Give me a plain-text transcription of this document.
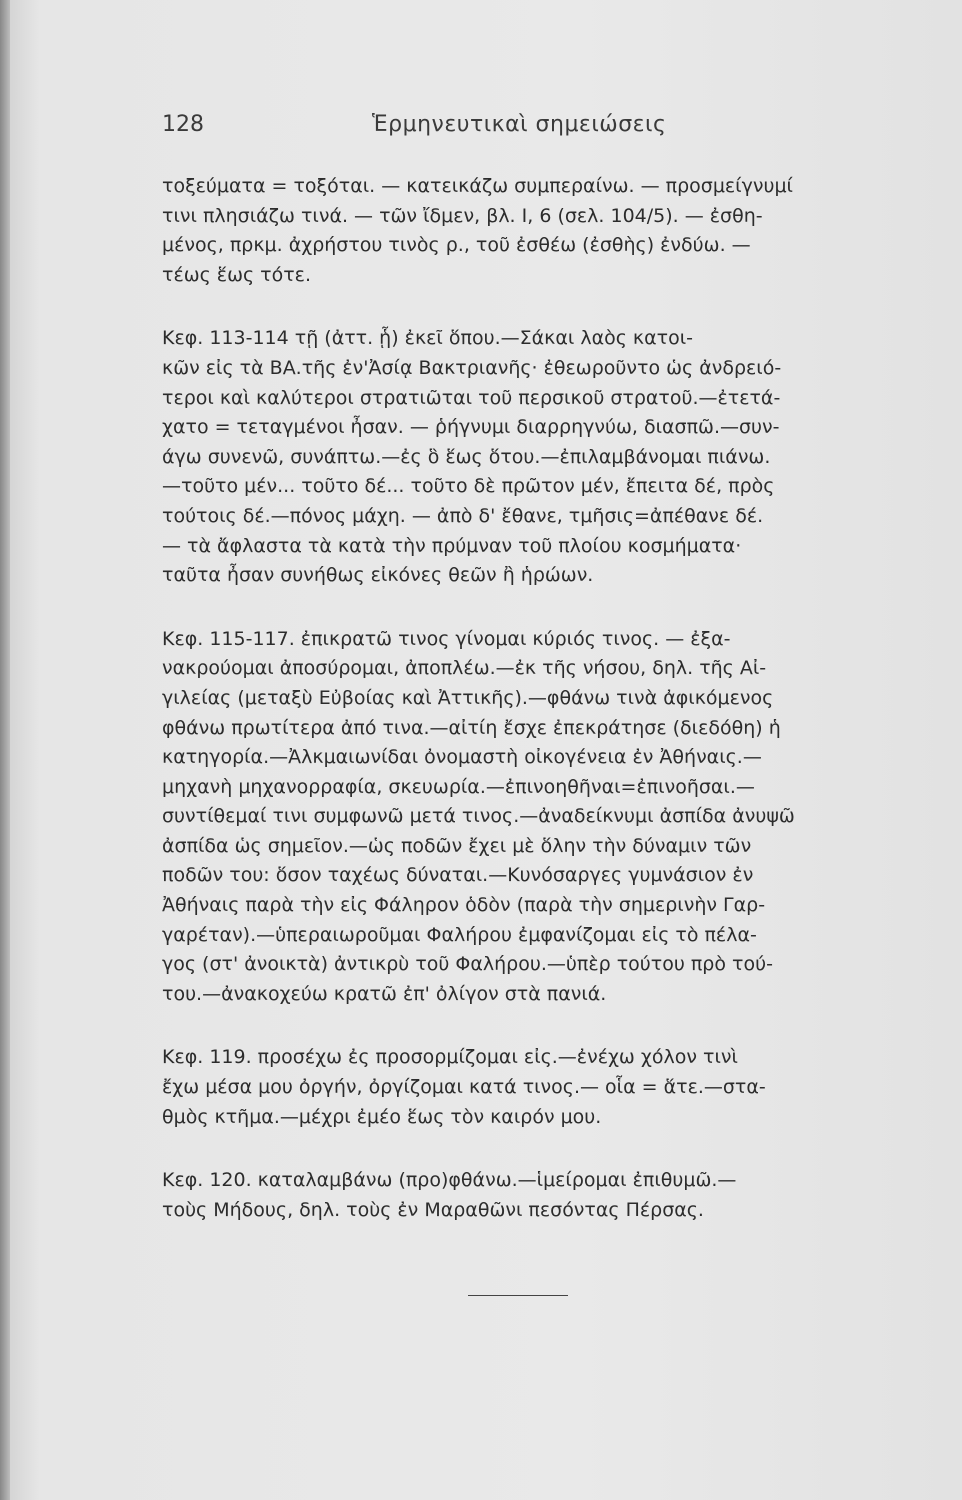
128	Ἑρμηνευτικαὶ σημειώσεις
τοξεύματα = τοξόται. — κατεικάζω συμπεραίνω. — προσμείγνυμί
τινι πλησιάζω τινά. — τῶν ἴδμεν, βλ. I, 6 (σελ. 104/5). — ἐσθη-
μένος, πρκμ. ἀχρήστου τινὸς ρ., τοῦ ἐσθέω (ἐσθὴς) ἐνδύω. —
τέως ἕως τότε.
Κεφ. 113-114 τῇ (ἀττ. ᾗ) ἐκεῖ ὅπου.—Σάκαι λαὸς κατοι-
κῶν εἰς τὰ ΒΑ.τῆς ἐν'Ἀσίᾳ Βακτριανῆς· ἐθεωροῦντο ὡς ἀνδρειό-
τεροι καὶ καλύτεροι στρατιῶται τοῦ περσικοῦ στρατοῦ.—ἐτετά-
χατο = τεταγμένοι ἦσαν. — ῥήγνυμι διαρρηγνύω, διασπῶ.—συν-
άγω συνενῶ, συνάπτω.—ἐς ὃ ἕως ὅτου.—ἐπιλαμβάνομαι πιάνω.
—τοῦτο μέν... τοῦτο δέ... τοῦτο δὲ πρῶτον μέν, ἔπειτα δέ, πρὸς
τούτοις δέ.—πόνος μάχη. — ἀπὸ δ' ἔθανε, τμῆσις=ἀπέθανε δέ.
— τὰ ἄφλαστα τὰ κατὰ τὴν πρύμναν τοῦ πλοίου κοσμήματα·
ταῦτα ἦσαν συνήθως εἰκόνες θεῶν ἢ ἡρώων.
Κεφ. 115-117. ἐπικρατῶ τινος γίνομαι κύριός τινος. — ἐξα-
νακρούομαι ἀποσύρομαι, ἀποπλέω.—ἐκ τῆς νήσου, δηλ. τῆς Αἰ-
γιλείας (μεταξὺ Εὐβοίας καὶ Ἀττικῆς).—φθάνω τινὰ ἀφικόμενος
φθάνω πρωτίτερα ἀπό τινα.—αἰτίη ἔσχε ἐπεκράτησε (διεδόθη) ἡ
κατηγορία.—Ἀλκμαιωνίδαι ὀνομαστὴ οἰκογένεια ἐν Ἀθήναις.—
μηχανὴ μηχανορραφία, σκευωρία.—ἐπινοηθῆναι=ἐπινοῆσαι.—
συντίθεμαί τινι συμφωνῶ μετά τινος.—ἀναδείκνυμι ἀσπίδα ἀνυψῶ
ἀσπίδα ὡς σημεῖον.—ὡς ποδῶν ἔχει μὲ ὅλην τὴν δύναμιν τῶν
ποδῶν του: ὅσον ταχέως δύναται.—Κυνόσαργες γυμνάσιον ἐν
Ἀθήναις παρὰ τὴν εἰς Φάληρον ὁδὸν (παρὰ τὴν σημερινὴν Γαρ-
γαρέταν).—ὑπεραιωροῦμαι Φαλήρου ἐμφανίζομαι εἰς τὸ πέλα-
γος (στ' ἀνοικτὰ) ἀντικρὺ τοῦ Φαλήρου.—ὑπὲρ τούτου πρὸ τού-
του.—ἀνακοχεύω κρατῶ ἐπ' ὀλίγον στὰ πανιά.
Κεφ. 119. προσέχω ἐς προσορμίζομαι εἰς.—ἐνέχω χόλον τινὶ
ἔχω μέσα μου ὀργήν, ὀργίζομαι κατά τινος.— οἷα = ἅτε.—στα-
θμὸς κτῆμα.—μέχρι ἐμέο ἕως τὸν καιρόν μου.
Κεφ. 120. καταλαμβάνω (προ)φθάνω.—ἱμείρομαι ἐπιθυμῶ.—
τοὺς Μήδους, δηλ. τοὺς ἐν Μαραθῶνι πεσόντας Πέρσας.
